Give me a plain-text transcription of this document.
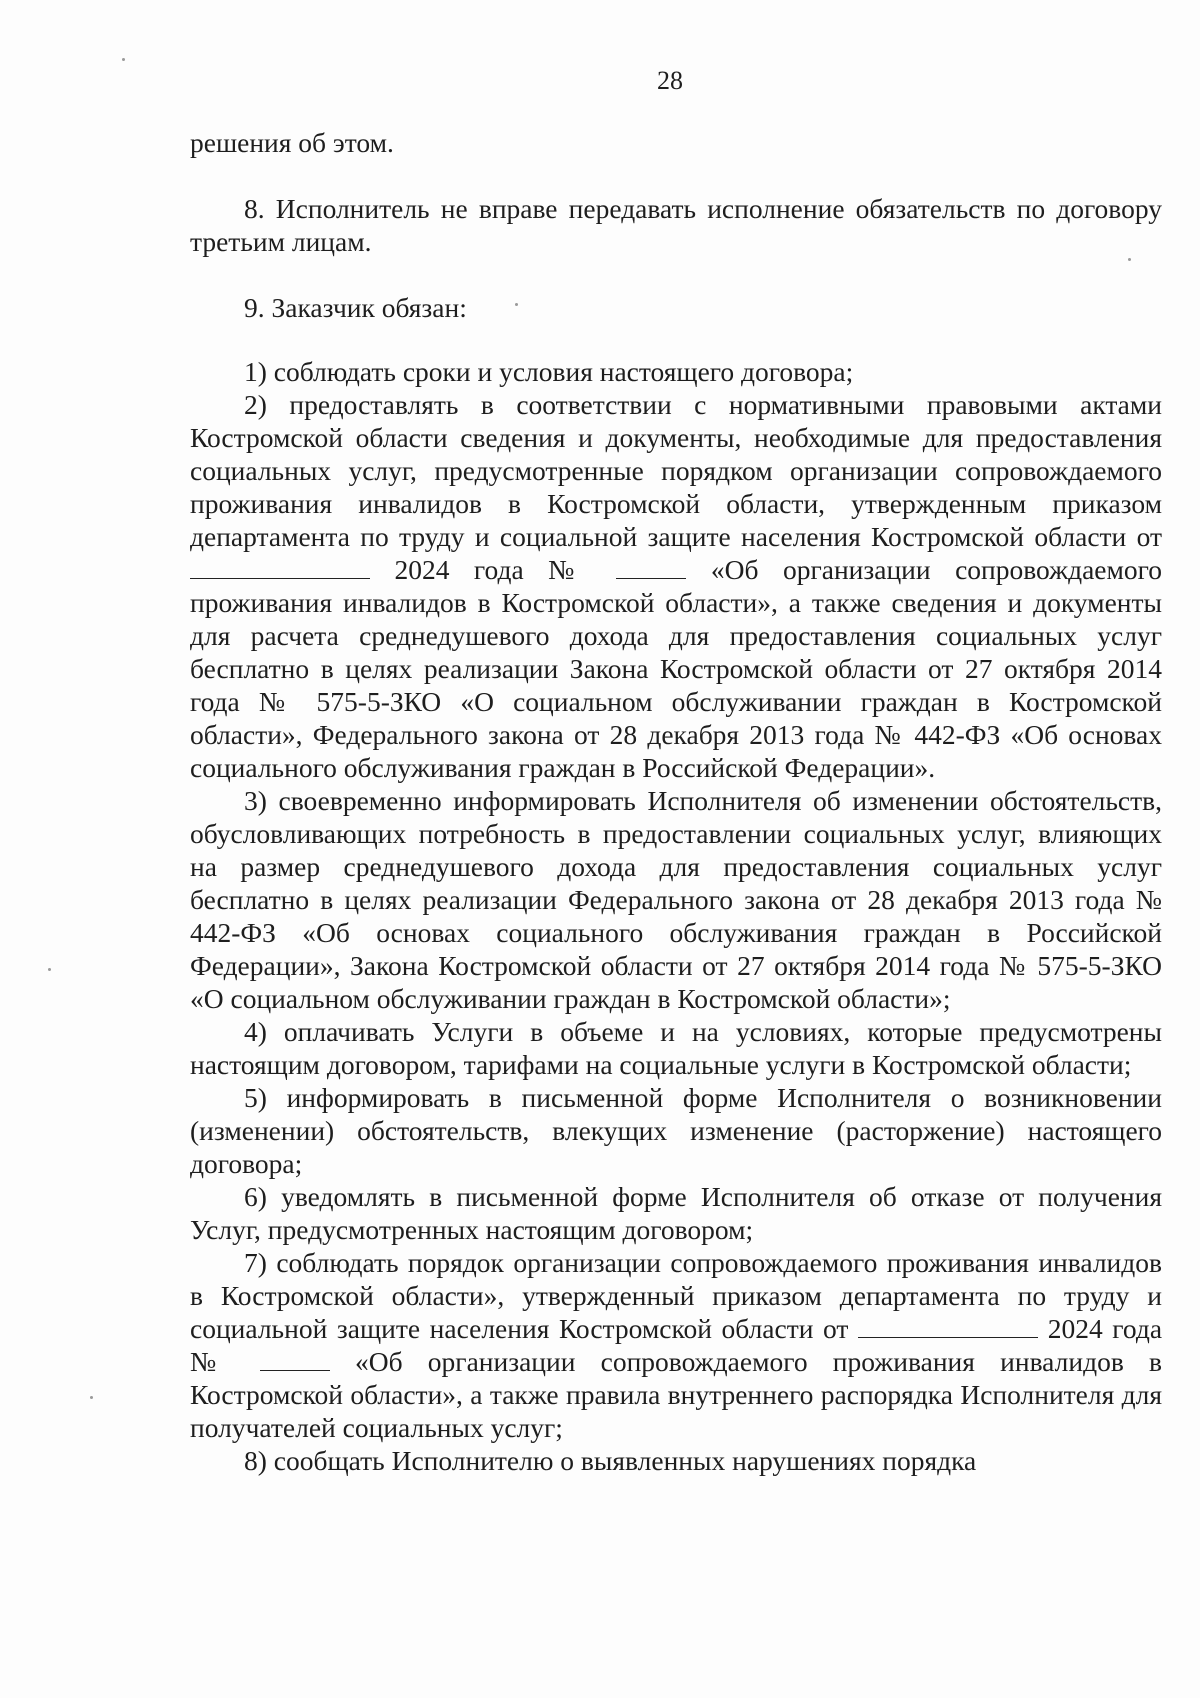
28

решения об этом.

8. Исполнитель не вправе передавать исполнение обязательств по договору третьим лицам.

9. Заказчик обязан:

1) соблюдать сроки и условия настоящего договора;

2) предоставлять в соответствии с нормативными правовыми актами Костромской области сведения и документы, необходимые для предоставления социальных услуг, предусмотренные порядком организации сопровождаемого проживания инвалидов в Костромской области, утвержденным приказом департамента по труду и социальной защите населения Костромской области от  2024 года №	«Об организации сопровождаемого проживания инвалидов в Костромской области», а также сведения и документы для расчета среднедушевого дохода для предоставления социальных услуг бесплатно в целях реализации Закона Костромской области от 27 октября 2014 года № 575-5-ЗКО «О социальном обслуживании граждан в Костромской области», Федерального закона от 28 декабря 2013 года № 442-ФЗ «Об основах социального обслуживания граждан в Российской Федерации».

3) своевременно информировать Исполнителя об изменении обстоятельств, обусловливающих потребность в предоставлении социальных услуг, влияющих на размер среднедушевого дохода для предоставления социальных услуг бесплатно в целях реализации Федерального закона от 28 декабря 2013 года № 442-ФЗ «Об основах социального обслуживания граждан в Российской Федерации», Закона Костромской области от 27 октября 2014 года № 575-5-ЗКО «О социальном обслуживании граждан в Костромской области»;

4) оплачивать Услуги в объеме и на условиях, которые предусмотрены настоящим договором, тарифами на социальные услуги в Костромской области;

5) информировать в письменной форме Исполнителя о возникновении (изменении) обстоятельств, влекущих изменение (расторжение) настоящего договора;

6) уведомлять в письменной форме Исполнителя об отказе от получения Услуг, предусмотренных настоящим договором;

7) соблюдать порядок организации сопровождаемого проживания инвалидов в Костромской области», утвержденный приказом департамента по труду и социальной защите населения Костромской области от	2024 года №	«Об организации сопровождаемого проживания инвалидов в Костромской области», а также правила внутреннего распорядка Исполнителя для получателей социальных услуг;

8) сообщать Исполнителю о выявленных нарушениях порядка
